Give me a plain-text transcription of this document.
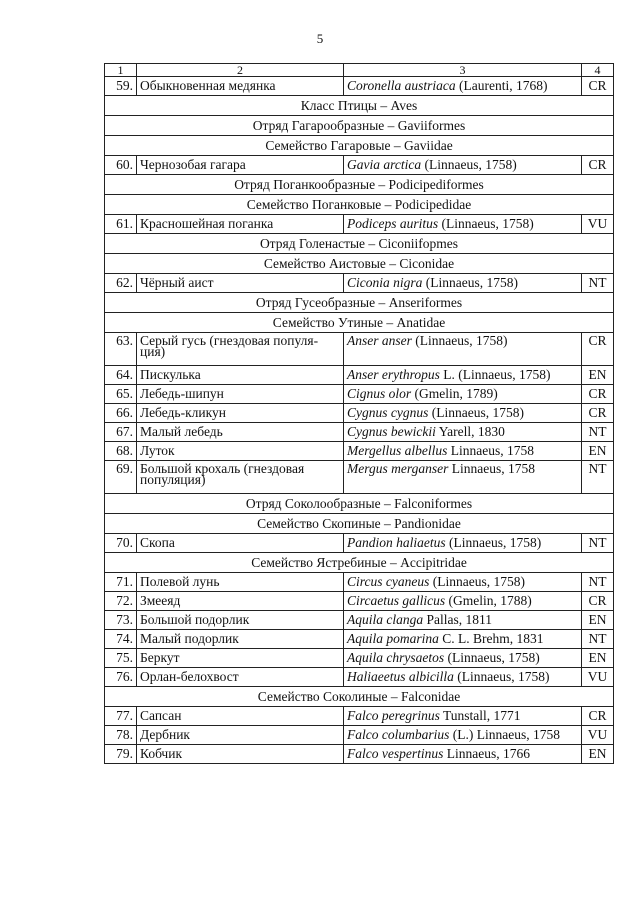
5
1	2	3	4
59.	Обыкновенная медянка	Coronella austriaca (Laurenti, 1768)	CR
Класс Птицы – Aves			
Отряд Гагарообразные – Gaviiformes			
Семейство Гагаровые – Gaviidae			
60.	Чернозобая гагара	Gavia arctica (Linnaeus, 1758)	CR
Отряд Поганкообразные – Podicipediformes			
Семейство Поганковые – Podicipedidae			
61.	Красношейная поганка	Podiceps auritus (Linnaeus, 1758)	VU
Отряд Голенастые – Ciconiifopmes			
Семейство Аистовые – Ciconidae			
62.	Чёрный аист	Ciconia nigra (Linnaeus, 1758)	NT
Отряд Гусеобразные – Anseriformes			
Семейство Утиные – Anatidae			
63.	Серый гусь (гнездовая популя-ция)	Anser anser (Linnaeus, 1758)	CR
64.	Пискулька	Anser erythropus L. (Linnaeus, 1758)	EN
65.	Лебедь-шипун	Cignus olor (Gmelin, 1789)	CR
66.	Лебедь-кликун	Cygnus cygnus (Linnaeus, 1758)	CR
67.	Малый лебедь	Cygnus bewickii Yarell, 1830	NT
68.	Луток	Mergellus albellus Linnaeus, 1758	EN
69.	Большой крохаль (гнездовая популяция)	Mergus merganser Linnaeus, 1758	NT
Отряд Соколообразные – Falconiformes			
Семейство Скопиные – Pandionidae			
70.	Скопа	Pandion haliaetus (Linnaeus, 1758)	NT
Семейство Ястребиные – Accipitridae			
71.	Полевой лунь	Circus cyaneus (Linnaeus, 1758)	NT
72.	Змееяд	Circaetus gallicus (Gmelin, 1788)	CR
73.	Большой подорлик	Aquila clanga Pallas, 1811	EN
74.	Малый подорлик	Aquila pomarina C. L. Brehm, 1831	NT
75.	Беркут	Aquila chrysaetos (Linnaeus, 1758)	EN
76.	Орлан-белохвост	Haliaeetus albicilla (Linnaeus, 1758)	VU
Семейство Соколиные – Falconidae			
77.	Сапсан	Falco peregrinus Tunstall, 1771	CR
78.	Дербник	Falco columbarius (L.) Linnaeus, 1758	VU
79.	Кобчик	Falco vespertinus Linnaeus, 1766	EN
